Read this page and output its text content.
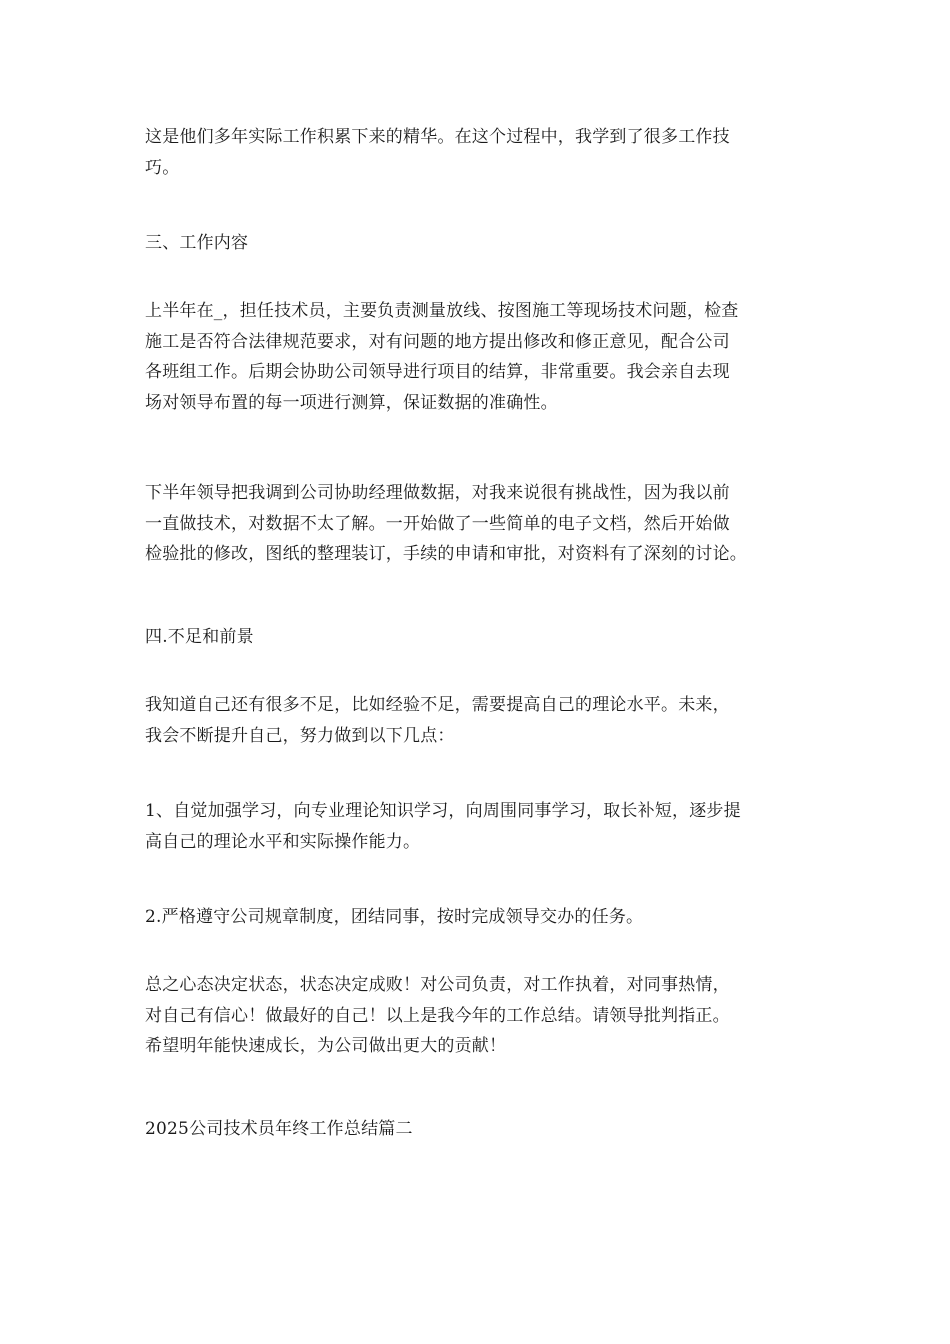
这是他们多年实际工作积累下来的精华。在这个过程中，我学到了很多工作技
巧。

三、工作内容

上半年在_，担任技术员，主要负责测量放线、按图施工等现场技术问题，检查
施工是否符合法律规范要求，对有问题的地方提出修改和修正意见，配合公司
各班组工作。后期会协助公司领导进行项目的结算，非常重要。我会亲自去现
场对领导布置的每一项进行测算，保证数据的准确性。

下半年领导把我调到公司协助经理做数据，对我来说很有挑战性，因为我以前
一直做技术，对数据不太了解。一开始做了一些简单的电子文档，然后开始做
检验批的修改，图纸的整理装订，手续的申请和审批，对资料有了深刻的讨论。

四.不足和前景

我知道自己还有很多不足，比如经验不足，需要提高自己的理论水平。未来，
我会不断提升自己，努力做到以下几点：

1、自觉加强学习，向专业理论知识学习，向周围同事学习，取长补短，逐步提
高自己的理论水平和实际操作能力。

2.严格遵守公司规章制度，团结同事，按时完成领导交办的任务。

总之心态决定状态，状态决定成败！对公司负责，对工作执着，对同事热情，
对自己有信心！做最好的自己！以上是我今年的工作总结。请领导批判指正。
希望明年能快速成长，为公司做出更大的贡献！

2025公司技术员年终工作总结篇二
